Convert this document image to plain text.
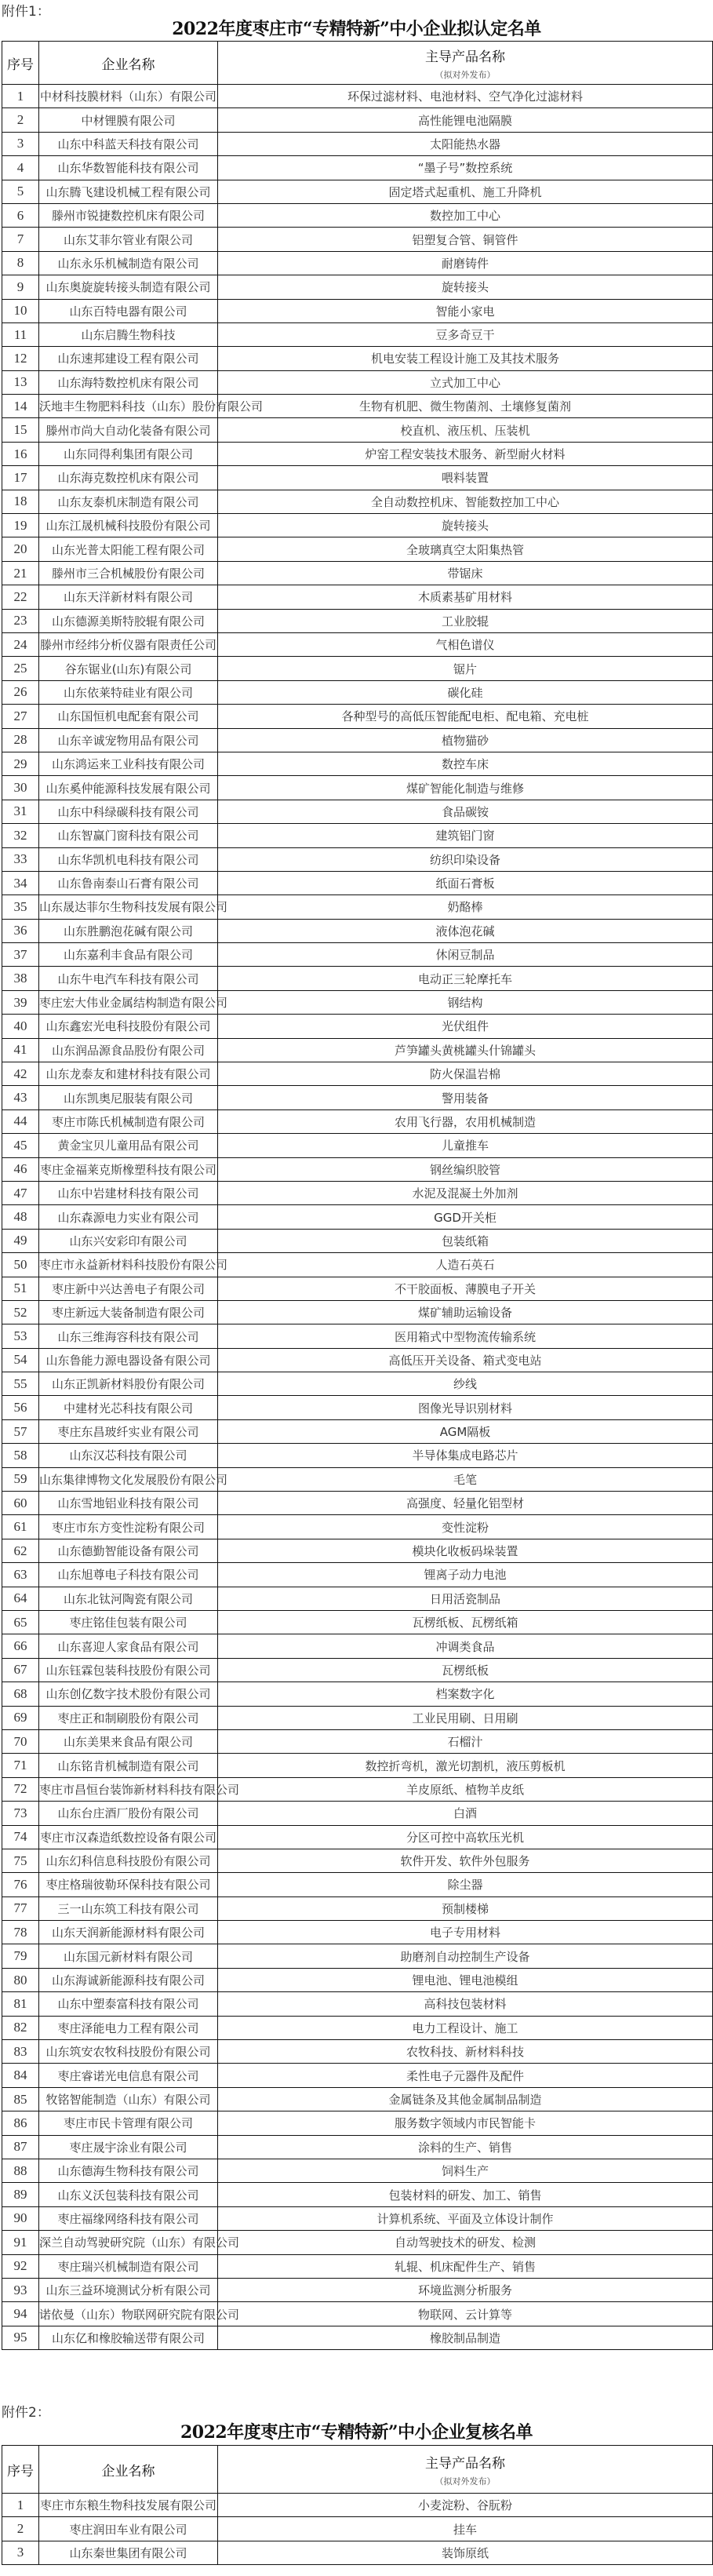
附件1：
2022年度枣庄市“专精特新”中小企业拟认定名单
序号	企业名称	主导产品名称
（拟对外发布）

1	中材科技膜材料（山东）有限公司	环保过滤材料、电池材料、空气净化过滤材料
2	中材锂膜有限公司	高性能锂电池隔膜
3	山东中科蓝天科技有限公司	太阳能热水器
4	山东华数智能科技有限公司	“墨子号”数控系统
5	山东腾飞建设机械工程有限公司	固定塔式起重机、施工升降机
6	滕州市锐捷数控机床有限公司	数控加工中心
7	山东艾菲尔管业有限公司	铝塑复合管、铜管件
8	山东永乐机械制造有限公司	耐磨铸件
9	山东奥旋旋转接头制造有限公司	旋转接头
10	山东百特电器有限公司	智能小家电
11	山东启腾生物科技	豆多奇豆干
12	山东速邦建设工程有限公司	机电安装工程设计施工及其技术服务
13	山东海特数控机床有限公司	立式加工中心
14	沃地丰生物肥料科技（山东）股份有限公司	生物有机肥、微生物菌剂、土壤修复菌剂
15	滕州市尚大自动化装备有限公司	校直机、液压机、压装机
16	山东同得利集团有限公司	炉窑工程安装技术服务、新型耐火材料
17	山东海克数控机床有限公司	喂料装置
18	山东友泰机床制造有限公司	全自动数控机床、智能数控加工中心
19	山东江晟机械科技股份有限公司	旋转接头
20	山东光普太阳能工程有限公司	全玻璃真空太阳集热管
21	滕州市三合机械股份有限公司	带锯床
22	山东天洋新材料有限公司	木质素基矿用材料
23	山东德源美斯特胶辊有限公司	工业胶辊
24	滕州市经纬分析仪器有限责任公司	气相色谱仪
25	谷东锯业(山东)有限公司	锯片
26	山东依莱特硅业有限公司	碳化硅
27	山东国恒机电配套有限公司	各种型号的高低压智能配电柜、配电箱、充电桩
28	山东辛诚宠物用品有限公司	植物猫砂
29	山东鸿运来工业科技有限公司	数控车床
30	山东奚仲能源科技发展有限公司	煤矿智能化制造与维修
31	山东中科绿碳科技有限公司	食品碳铵
32	山东智赢门窗科技有限公司	建筑铝门窗
33	山东华凯机电科技有限公司	纺织印染设备
34	山东鲁南泰山石膏有限公司	纸面石膏板
35	山东晟达菲尔生物科技发展有限公司	奶酪棒
36	山东胜鹏泡花碱有限公司	液体泡花碱
37	山东嘉利丰食品有限公司	休闲豆制品
38	山东牛电汽车科技有限公司	电动正三轮摩托车
39	枣庄宏大伟业金属结构制造有限公司	钢结构
40	山东鑫宏光电科技股份有限公司	光伏组件
41	山东润品源食品股份有限公司	芦笋罐头黄桃罐头什锦罐头
42	山东龙泰友和建材科技有限公司	防火保温岩棉
43	山东凯奥尼服装有限公司	警用装备
44	枣庄市陈氏机械制造有限公司	农用飞行器，农用机械制造
45	黄金宝贝儿童用品有限公司	儿童推车
46	枣庄金福莱克斯橡塑科技有限公司	钢丝编织胶管
47	山东中岩建材科技有限公司	水泥及混凝土外加剂
48	山东森源电力实业有限公司	GGD开关柜
49	山东兴安彩印有限公司	包装纸箱
50	枣庄市永益新材料科技股份有限公司	人造石英石
51	枣庄新中兴达善电子有限公司	不干胶面板、薄膜电子开关
52	枣庄新远大装备制造有限公司	煤矿辅助运输设备
53	山东三维海容科技有限公司	医用箱式中型物流传输系统
54	山东鲁能力源电器设备有限公司	高低压开关设备、箱式变电站
55	山东正凯新材料股份有限公司	纱线
56	中建材光芯科技有限公司	图像光导识别材料
57	枣庄东昌玻纤实业有限公司	AGM隔板
58	山东汉芯科技有限公司	半导体集成电路芯片
59	山东集律博物文化发展股份有限公司	毛笔
60	山东雪地铝业科技有限公司	高强度、轻量化铝型材
61	枣庄市东方变性淀粉有限公司	变性淀粉
62	山东德勤智能设备有限公司	模块化收板码垛装置
63	山东旭尊电子科技有限公司	锂离子动力电池
64	山东北钛河陶瓷有限公司	日用活瓷制品
65	枣庄铭佳包装有限公司	瓦楞纸板、瓦楞纸箱
66	山东喜迎人家食品有限公司	冲调类食品
67	山东钰霖包装科技股份有限公司	瓦楞纸板
68	山东创亿数字技术股份有限公司	档案数字化
69	枣庄正和制刷股份有限公司	工业民用刷、日用刷
70	山东美果来食品有限公司	石榴汁
71	山东铭肯机械制造有限公司	数控折弯机，激光切割机，液压剪板机
72	枣庄市昌恒台装饰新材料科技有限公司	羊皮原纸、植物羊皮纸
73	山东台庄酒厂股份有限公司	白酒
74	枣庄市汉森造纸数控设备有限公司	分区可控中高软压光机
75	山东幻科信息科技股份有限公司	软件开发、软件外包服务
76	枣庄格瑞彼勒环保科技有限公司	除尘器
77	三一山东筑工科技有限公司	预制楼梯
78	山东天润新能源材料有限公司	电子专用材料
79	山东国元新材料有限公司	助磨剂自动控制生产设备
80	山东海诚新能源科技有限公司	锂电池、锂电池模组
81	山东中塑泰富科技有限公司	高科技包装材料
82	枣庄泽能电力工程有限公司	电力工程设计、施工
83	山东筑安农牧科技股份有限公司	农牧科技、新材料科技
84	枣庄睿诺光电信息有限公司	柔性电子元器件及配件
85	牧铭智能制造（山东）有限公司	金属链条及其他金属制品制造
86	枣庄市民卡管理有限公司	服务数字领域内市民智能卡
87	枣庄晟宇涂业有限公司	涂料的生产、销售
88	山东德海生物科技有限公司	饲料生产
89	山东义沃包装科技有限公司	包装材料的研发、加工、销售
90	枣庄福缘网络科技有限公司	计算机系统、平面及立体设计制作
91	深兰自动驾驶研究院（山东）有限公司	自动驾驶技术的研发、检测
92	枣庄瑞兴机械制造有限公司	轧辊、机床配件生产、销售
93	山东三益环境测试分析有限公司	环境监测分析服务
94	诺依曼（山东）物联网研究院有限公司	物联网、云计算等
95	山东亿和橡胶输送带有限公司	橡胶制品制造
附件2：
2022年度枣庄市“专精特新”中小企业复核名单
序号	企业名称	主导产品名称
（拟对外发布）

1	枣庄市东粮生物科技发展有限公司	小麦淀粉、谷朊粉
2	枣庄润田车业有限公司	挂车
3	山东秦世集团有限公司	装饰原纸
